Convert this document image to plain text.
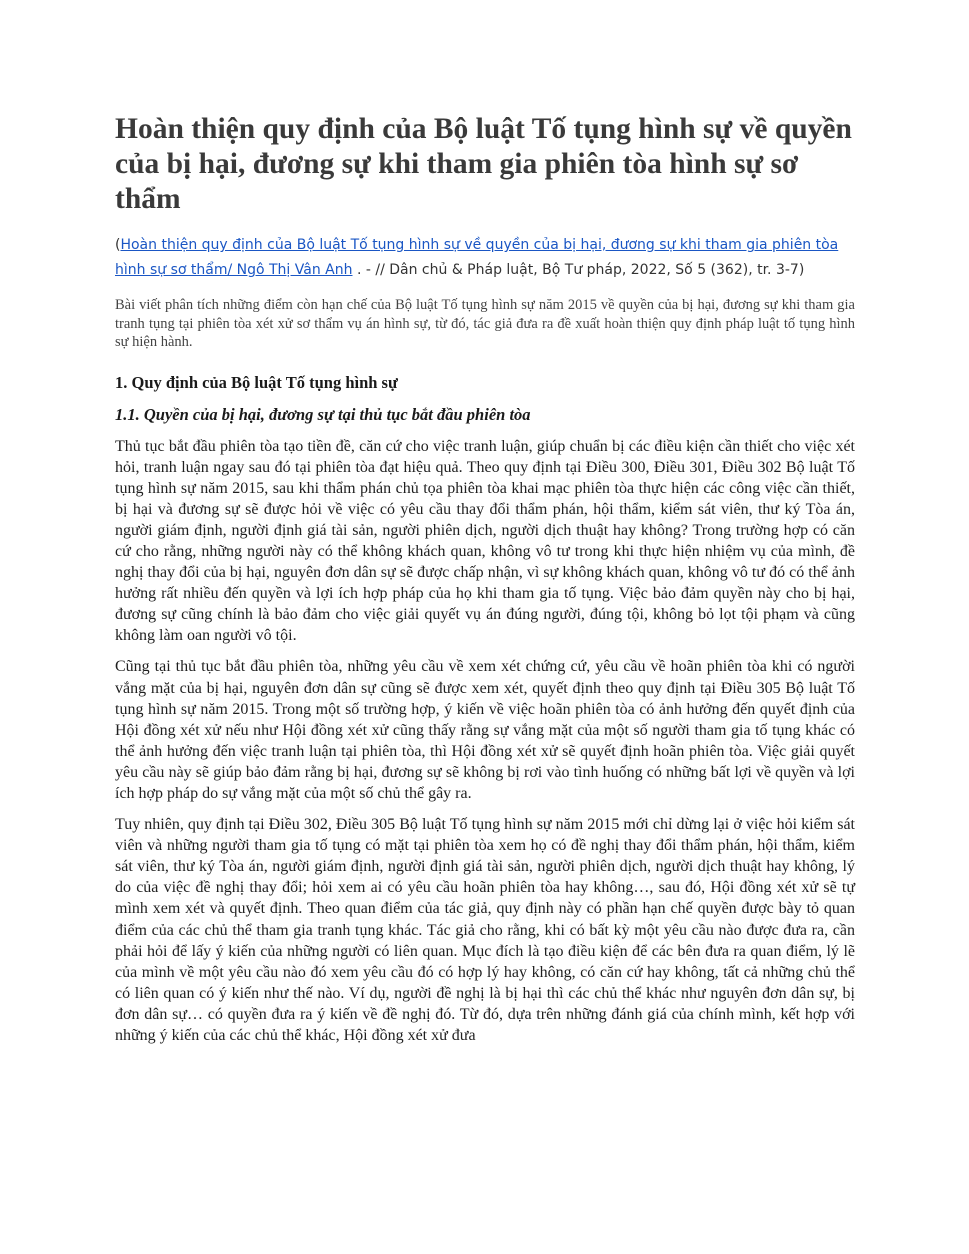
Hoàn thiện quy định của Bộ luật Tố tụng hình sự về quyền của bị hại, đương sự khi tham gia phiên tòa hình sự sơ thẩm

(Hoàn thiện quy định của Bộ luật Tố tụng hình sự về quyền của bị hại, đương sự khi tham gia phiên tòa hình sự sơ thẩm/ Ngô Thị Vân Anh . - // Dân chủ & Pháp luật, Bộ Tư pháp, 2022, Số 5 (362), tr. 3-7)

Bài viết phân tích những điểm còn hạn chế của Bộ luật Tố tụng hình sự năm 2015 về quyền của bị hại, đương sự khi tham gia tranh tụng tại phiên tòa xét xử sơ thẩm vụ án hình sự, từ đó, tác giả đưa ra đề xuất hoàn thiện quy định pháp luật tố tụng hình sự hiện hành.

1. Quy định của Bộ luật Tố tụng hình sự
1.1. Quyền của bị hại, đương sự tại thủ tục bắt đầu phiên tòa

Thủ tục bắt đầu phiên tòa tạo tiền đề, căn cứ cho việc tranh luận, giúp chuẩn bị các điều kiện cần thiết cho việc xét hỏi, tranh luận ngay sau đó tại phiên tòa đạt hiệu quả. Theo quy định tại Điều 300, Điều 301, Điều 302 Bộ luật Tố tụng hình sự năm 2015, sau khi thẩm phán chủ tọa phiên tòa khai mạc phiên tòa thực hiện các công việc cần thiết, bị hại và đương sự sẽ được hỏi về việc có yêu cầu thay đổi thẩm phán, hội thẩm, kiểm sát viên, thư ký Tòa án, người giám định, người định giá tài sản, người phiên dịch, người dịch thuật hay không? Trong trường hợp có căn cứ cho rằng, những người này có thể không khách quan, không vô tư trong khi thực hiện nhiệm vụ của mình, đề nghị thay đổi của bị hại, nguyên đơn dân sự sẽ được chấp nhận, vì sự không khách quan, không vô tư đó có thể ảnh hưởng rất nhiều đến quyền và lợi ích hợp pháp của họ khi tham gia tố tụng. Việc bảo đảm quyền này cho bị hại, đương sự cũng chính là bảo đảm cho việc giải quyết vụ án đúng người, đúng tội, không bỏ lọt tội phạm và cũng không làm oan người vô tội.

Cũng tại thủ tục bắt đầu phiên tòa, những yêu cầu về xem xét chứng cứ, yêu cầu về hoãn phiên tòa khi có người vắng mặt của bị hại, nguyên đơn dân sự cũng sẽ được xem xét, quyết định theo quy định tại Điều 305 Bộ luật Tố tụng hình sự năm 2015. Trong một số trường hợp, ý kiến về việc hoãn phiên tòa có ảnh hưởng đến quyết định của Hội đồng xét xử nếu như Hội đồng xét xử cũng thấy rằng sự vắng mặt của một số người tham gia tố tụng khác có thể ảnh hưởng đến việc tranh luận tại phiên tòa, thì Hội đồng xét xử sẽ quyết định hoãn phiên tòa. Việc giải quyết yêu cầu này sẽ giúp bảo đảm rằng bị hại, đương sự sẽ không bị rơi vào tình huống có những bất lợi về quyền và lợi ích hợp pháp do sự vắng mặt của một số chủ thể gây ra.

Tuy nhiên, quy định tại Điều 302, Điều 305 Bộ luật Tố tụng hình sự năm 2015 mới chỉ dừng lại ở việc hỏi kiểm sát viên và những người tham gia tố tụng có mặt tại phiên tòa xem họ có đề nghị thay đổi thẩm phán, hội thẩm, kiểm sát viên, thư ký Tòa án, người giám định, người định giá tài sản, người phiên dịch, người dịch thuật hay không, lý do của việc đề nghị thay đổi; hỏi xem ai có yêu cầu hoãn phiên tòa hay không…, sau đó, Hội đồng xét xử sẽ tự mình xem xét và quyết định. Theo quan điểm của tác giả, quy định này có phần hạn chế quyền được bày tỏ quan điểm của các chủ thể tham gia tranh tụng khác. Tác giả cho rằng, khi có bất kỳ một yêu cầu nào được đưa ra, cần phải hỏi để lấy ý kiến của những người có liên quan. Mục đích là tạo điều kiện để các bên đưa ra quan điểm, lý lẽ của mình về một yêu cầu nào đó xem yêu cầu đó có hợp lý hay không, có căn cứ hay không, tất cả những chủ thể có liên quan có ý kiến như thế nào. Ví dụ, người đề nghị là bị hại thì các chủ thể khác như nguyên đơn dân sự, bị đơn dân sự… có quyền đưa ra ý kiến về đề nghị đó. Từ đó, dựa trên những đánh giá của chính mình, kết hợp với những ý kiến của các chủ thể khác, Hội đồng xét xử đưa
